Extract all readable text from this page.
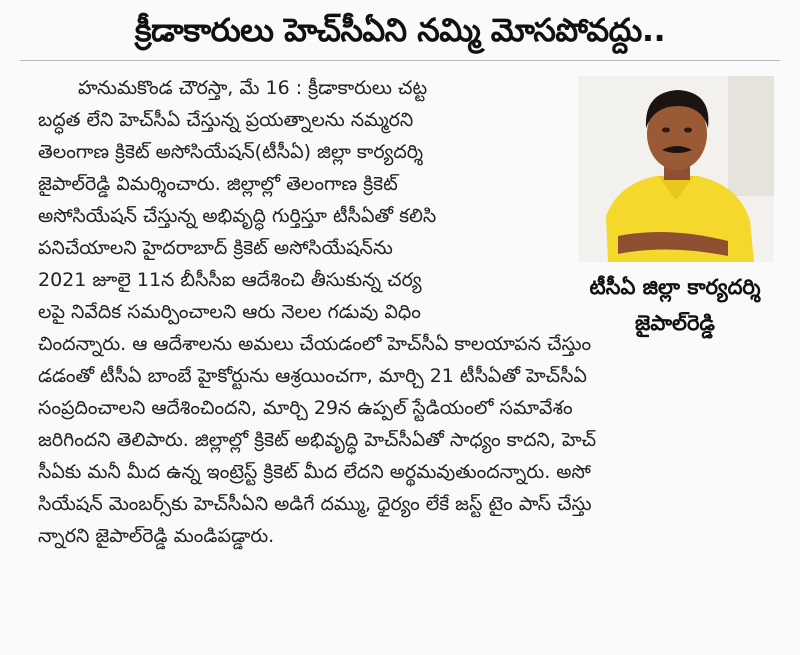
క్రీడాకారులు హెచ్‌సీఏని నమ్మి మోసపోవద్దు..
హనుమకొండ చౌరస్తా, మే 16 : క్రీడాకారులు చట్ట
బద్ధత లేని హెచ్‌సీఏ చేస్తున్న ప్రయత్నాలను నమ్మరని
తెలంగాణ క్రికెట్ అసోసియేషన్(టీసీఏ) జిల్లా కార్యదర్శి
జైపాల్‌రెడ్డి విమర్శించారు. జిల్లాల్లో తెలంగాణ క్రికెట్
అసోసియేషన్ చేస్తున్న అభివృద్ధి గుర్తిస్తూ టీసీఏతో కలిసి
పనిచేయాలని హైదరాబాద్ క్రికెట్ అసోసియేషన్‌ను
2021 జూలై 11న బీసీసీఐ ఆదేశించి తీసుకున్న చర్య
లపై నివేదిక సమర్పించాలని ఆరు నెలల గడువు విధిం
చిందన్నారు. ఆ ఆదేశాలను అమలు చేయడంలో హెచ్‌సీఏ కాలయాపన చేస్తుం
డడంతో టీసీఏ బాంబే హైకోర్టును ఆశ్రయించగా, మార్చి 21 టీసీఏతో హెచ్‌సీఏ
సంప్రదించాలని ఆదేశించిందని, మార్చి 29న ఉప్పల్ స్టేడియంలో సమావేశం
జరిగిందని తెలిపారు. జిల్లాల్లో క్రికెట్ అభివృద్ధి హెచ్‌సీఏతో సాధ్యం కాదని, హెచ్
సీఏకు మనీ మీద ఉన్న ఇంట్రెస్ట్ క్రికెట్ మీద లేదని అర్థమవుతుందన్నారు. అసో
సియేషన్ మెంబర్స్‌కు హెచ్‌సీఏని అడిగే దమ్ము, ధైర్యం లేకే జస్ట్ టైం పాస్ చేస్తు
న్నారని జైపాల్‌రెడ్డి మండిపడ్డారు.
టీసీఏ జిల్లా కార్యదర్శి
జైపాల్‌రెడ్డి
